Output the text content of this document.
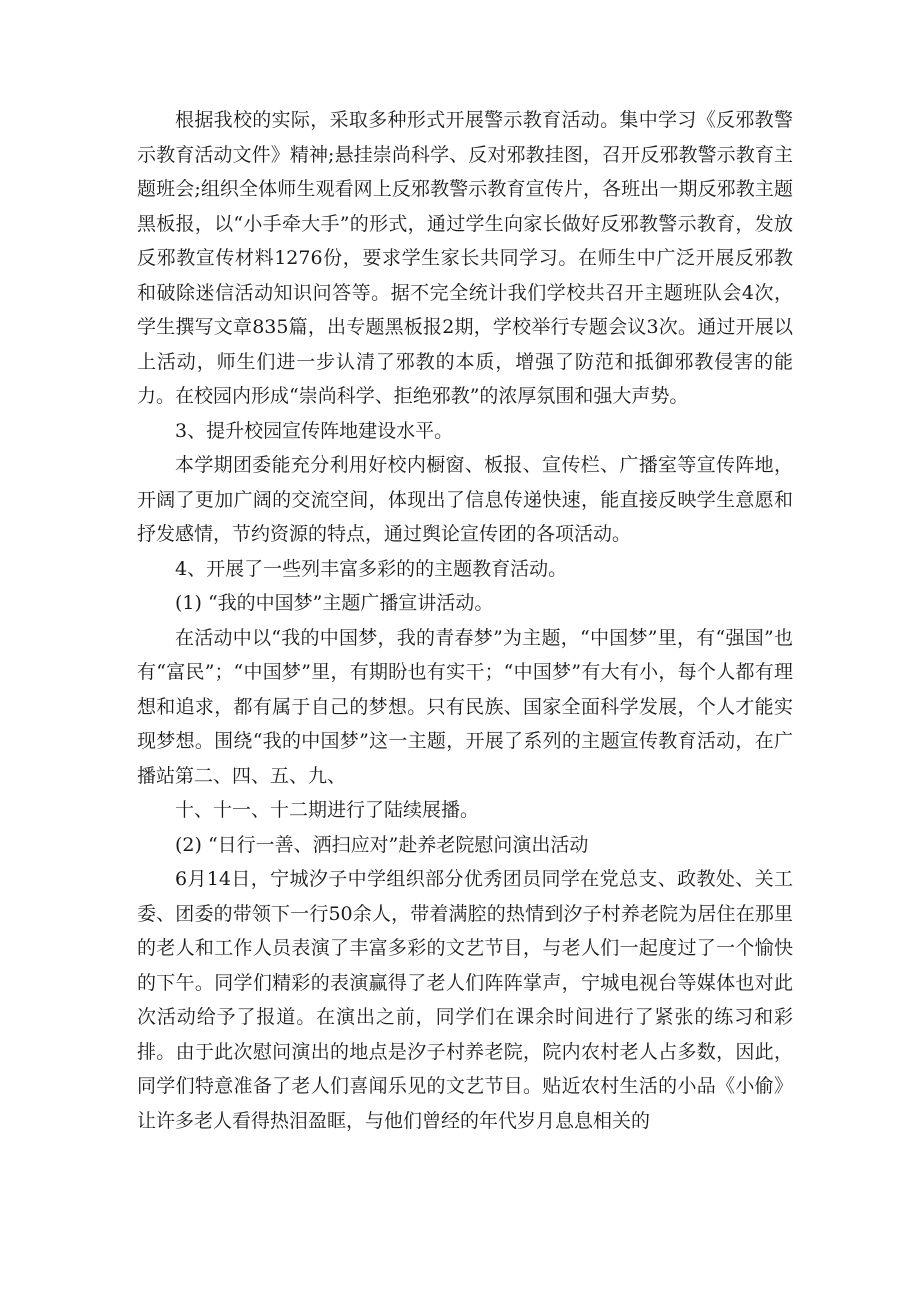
根据我校的实际，采取多种形式开展警示教育活动。集中学习《反邪教警示教育活动文件》精神;悬挂崇尚科学、反对邪教挂图，召开反邪教警示教育主题班会;组织全体师生观看网上反邪教警示教育宣传片，各班出一期反邪教主题黑板报，以“小手牵大手”的形式，通过学生向家长做好反邪教警示教育，发放反邪教宣传材料1276份，要求学生家长共同学习。在师生中广泛开展反邪教和破除迷信活动知识问答等。据不完全统计我们学校共召开主题班队会4次，学生撰写文章835篇，出专题黑板报2期，学校举行专题会议3次。通过开展以上活动，师生们进一步认清了邪教的本质，增强了防范和抵御邪教侵害的能力。在校园内形成“崇尚科学、拒绝邪教”的浓厚氛围和强大声势。

3、提升校园宣传阵地建设水平。

本学期团委能充分利用好校内橱窗、板报、宣传栏、广播室等宣传阵地，开阔了更加广阔的交流空间，体现出了信息传递快速，能直接反映学生意愿和抒发感情，节约资源的特点，通过舆论宣传团的各项活动。

4、开展了一些列丰富多彩的的主题教育活动。

(1) “我的中国梦”主题广播宣讲活动。

在活动中以“我的中国梦，我的青春梦”为主题，“中国梦”里，有“强国”也有“富民”；“中国梦”里，有期盼也有实干；“中国梦”有大有小，每个人都有理想和追求，都有属于自己的梦想。只有民族、国家全面科学发展，个人才能实现梦想。围绕“我的中国梦”这一主题，开展了系列的主题宣传教育活动，在广播站第二、四、五、九、

十、十一、十二期进行了陆续展播。

(2) “日行一善、洒扫应对”赴养老院慰问演出活动

6月14日，宁城汐子中学组织部分优秀团员同学在党总支、政教处、关工委、团委的带领下一行50余人，带着满腔的热情到汐子村养老院为居住在那里的老人和工作人员表演了丰富多彩的文艺节目，与老人们一起度过了一个愉快的下午。同学们精彩的表演赢得了老人们阵阵掌声，宁城电视台等媒体也对此次活动给予了报道。在演出之前，同学们在课余时间进行了紧张的练习和彩排。由于此次慰问演出的地点是汐子村养老院，院内农村老人占多数，因此，同学们特意准备了老人们喜闻乐见的文艺节目。贴近农村生活的小品《小偷》让许多老人看得热泪盈眶，与他们曾经的年代岁月息息相关的
